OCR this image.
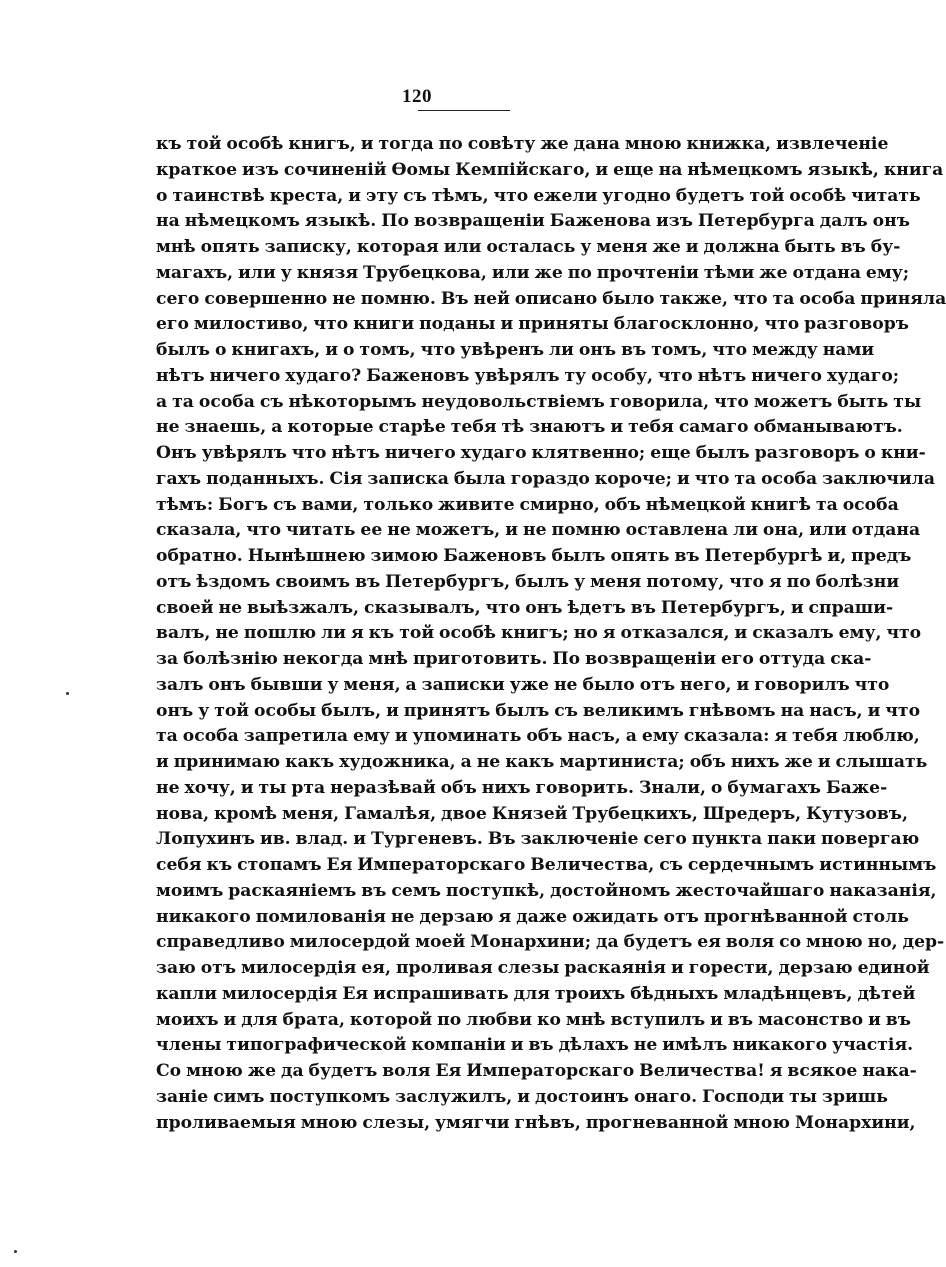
120
къ той особѣ книгъ, и тогда по совѣту же дана мною книжка, извлеченіе
краткое изъ сочиненій Ѳомы Кемпійскаго, и еще на нѣмецкомъ языкѣ, книга
о таинствѣ креста, и эту съ тѣмъ, что ежели угодно будетъ той особѣ читать
на нѣмецкомъ языкѣ. По возвращеніи Баженова изъ Петербурга далъ онъ
мнѣ опять записку, которая или осталась у меня же и должна быть въ бу-
магахъ, или у князя Трубецкова, или же по прочтеніи тѣми же отдана ему;
сего совершенно не помню. Въ ней описано было также, что та особа приняла
его милостиво, что книги поданы и приняты благосклонно, что разговоръ
былъ о книгахъ, и о томъ, что увѣренъ ли онъ въ томъ, что между нами
нѣтъ ничего худаго? Баженовъ увѣрялъ ту особу, что нѣтъ ничего худаго;
а та особа съ нѣкоторымъ неудовольствіемъ говорила, что можетъ быть ты
не знаешь, а которые старѣе тебя тѣ знаютъ и тебя самаго обманываютъ.
Онъ увѣрялъ что нѣтъ ничего худаго клятвенно; еще былъ разговоръ о кни-
гахъ поданныхъ. Сія записка была гораздо короче; и что та особа заключила
тѣмъ: Богъ съ вами, только живите смирно, объ нѣмецкой книгѣ та особа
сказала, что читать ее не можетъ, и не помню оставлена ли она, или отдана
обратно. Нынѣшнею зимою Баженовъ былъ опять въ Петербургѣ и, предъ
отъ ѣздомъ своимъ въ Петербургъ, былъ у меня потому, что я по болѣзни
своей не выѣзжалъ, сказывалъ, что онъ ѣдетъ въ Петербургъ, и спраши-
валъ, не пошлю ли я къ той особѣ книгъ; но я отказался, и сказалъ ему, что
за болѣзнію некогда мнѣ приготовить. По возвращеніи его оттуда ска-
залъ онъ бывши у меня, а записки уже не было отъ него, и говорилъ что
онъ у той особы былъ, и принятъ былъ съ великимъ гнѣвомъ на насъ, и что
та особа запретила ему и упоминать объ насъ, а ему сказала: я тебя люблю,
и принимаю какъ художника, а не какъ мартиниста; объ нихъ же и слышать
не хочу, и ты рта неразѣвай объ нихъ говорить. Знали, о бумагахъ Баже-
нова, кромѣ меня, Гамалѣя, двое Князей Трубецкихъ, Шредеръ, Кутузовъ,
Лопухинъ ив. влад. и Тургеневъ. Въ заключеніе сего пункта паки повергаю
себя къ стопамъ Ея Императорскаго Величества, съ сердечнымъ истиннымъ
моимъ раскаяніемъ въ семъ поступкѣ, достойномъ жесточайшаго наказанія,
никакого помилованія не дерзаю я даже ожидать отъ прогнѣванной столь
справедливо милосердой моей Монархини; да будетъ ея воля со мною но, дер-
заю отъ милосердія ея, проливая слезы раскаянія и горести, дерзаю единой
капли милосердія Ея испрашивать для троихъ бѣдныхъ младѣнцевъ, дѣтей
моихъ и для брата, которой по любви ко мнѣ вступилъ и въ масонство и въ
члены типографической компаніи и въ дѣлахъ не имѣлъ никакого участія.
Со мною же да будетъ воля Ея Императорскаго Величества! я всякое нака-
заніе симъ поступкомъ заслужилъ, и достоинъ онаго. Господи ты зришь
проливаемыя мною слезы, умягчи гнѣвъ, прогневанной мною Монархини,
